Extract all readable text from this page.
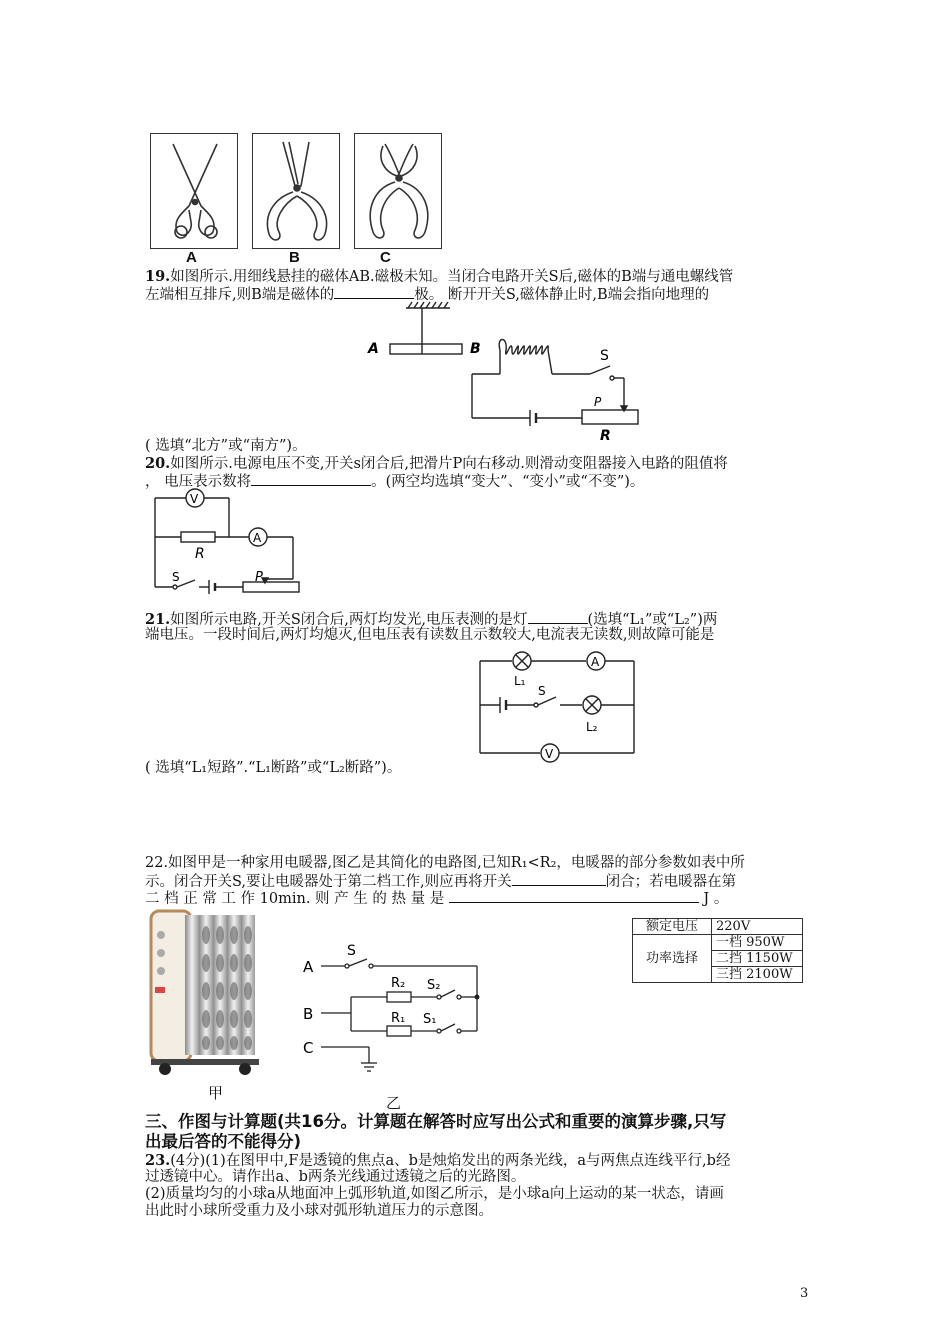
A	B	C
19.如图所示.用细线悬挂的磁体AB.磁极未知。当闭合电路开关S后,磁体的B端与通电螺线管
左端相互排斥,则B端是磁体的	极。 断开开关S,磁体静止时,B端会指向地理的
A	B	S
P
R
( 选填“北方”或“南方”)。
20.如图所示.电源电压不变,开关s闭合后,把滑片P向右移动.则滑动变阻器接入电路的阻值将
， 电压表示数将	。(两空均选填“变大”、“变小”或“不变”)。
V
A
R
S	P
21.如图所示电路,开关S闭合后,两灯均发光,电压表测的是灯	(选填“L₁”或“L₂”)两
端电压。一段时间后,两灯均熄灭,但电压表有读数且示数较大,电流表无读数,则故障可能是
L₁
A
S
L₂
V
( 选填“L₁短路”.“L₁断路”或“L₂断路”)。
22.如图甲是一种家用电暖器,图乙是其简化的电路图,已知R₁<R₂，电暖器的部分参数如表中所
示。闭合开关S,要让电暖器处于第二档工作,则应再将开关	闭合；若电暖器在第
二 档 正 常 工 作 10min. 则 产 生 的 热 量 是	J 。
甲
A
S
B
R₂ S₂
R₁ S₁
C
乙
额定电压	220V
功率选择	一档 950W
二挡 1150W
三挡 2100W
三、作图与计算题(共16分。计算题在解答时应写出公式和重要的演算步骤,只写
出最后答的不能得分)
23.(4分)(1)在图甲中,F是透镜的焦点a、b是烛焰发出的两条光线，a与两焦点连线平行,b经
过透镜中心。请作出a、b两条光线通过透镜之后的光路图。
(2)质量均匀的小球a从地面冲上弧形轨道,如图乙所示，是小球a向上运动的某一状态，请画
出此时小球所受重力及小球对弧形轨道压力的示意图。
3
